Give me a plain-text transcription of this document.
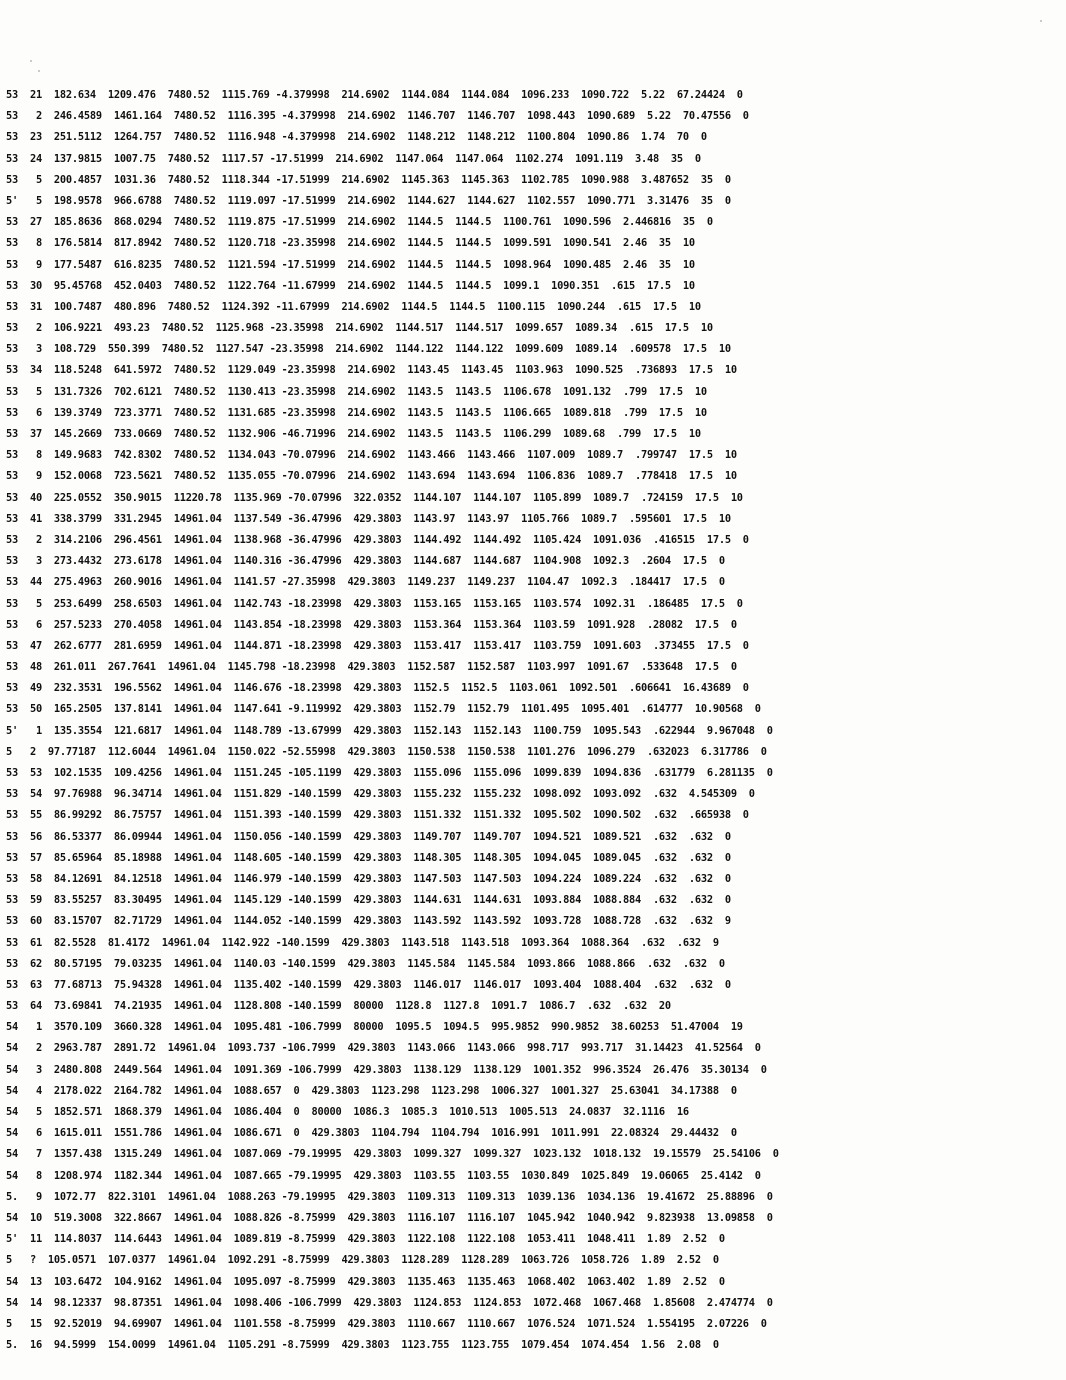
53  21  182.634  1209.476  7480.52  1115.769 -4.379998  214.6902  1144.084  1144.084  1096.233  1090.722  5.22  67.24424  0
53   2  246.4589  1461.164  7480.52  1116.395 -4.379998  214.6902  1146.707  1146.707  1098.443  1090.689  5.22  70.47556  0
53  23  251.5112  1264.757  7480.52  1116.948 -4.379998  214.6902  1148.212  1148.212  1100.804  1090.86  1.74  70  0
53  24  137.9815  1007.75  7480.52  1117.57 -17.51999  214.6902  1147.064  1147.064  1102.274  1091.119  3.48  35  0
53   5  200.4857  1031.36  7480.52  1118.344 -17.51999  214.6902  1145.363  1145.363  1102.785  1090.988  3.487652  35  0
5'   5  198.9578  966.6788  7480.52  1119.097 -17.51999  214.6902  1144.627  1144.627  1102.557  1090.771  3.31476  35  0
53  27  185.8636  868.0294  7480.52  1119.875 -17.51999  214.6902  1144.5  1144.5  1100.761  1090.596  2.446816  35  0
53   8  176.5814  817.8942  7480.52  1120.718 -23.35998  214.6902  1144.5  1144.5  1099.591  1090.541  2.46  35  10
53   9  177.5487  616.8235  7480.52  1121.594 -17.51999  214.6902  1144.5  1144.5  1098.964  1090.485  2.46  35  10
53  30  95.45768  452.0403  7480.52  1122.764 -11.67999  214.6902  1144.5  1144.5  1099.1  1090.351  .615  17.5  10
53  31  100.7487  480.896  7480.52  1124.392 -11.67999  214.6902  1144.5  1144.5  1100.115  1090.244  .615  17.5  10
53   2  106.9221  493.23  7480.52  1125.968 -23.35998  214.6902  1144.517  1144.517  1099.657  1089.34  .615  17.5  10
53   3  108.729  550.399  7480.52  1127.547 -23.35998  214.6902  1144.122  1144.122  1099.609  1089.14  .609578  17.5  10
53  34  118.5248  641.5972  7480.52  1129.049 -23.35998  214.6902  1143.45  1143.45  1103.963  1090.525  .736893  17.5  10
53   5  131.7326  702.6121  7480.52  1130.413 -23.35998  214.6902  1143.5  1143.5  1106.678  1091.132  .799  17.5  10
53   6  139.3749  723.3771  7480.52  1131.685 -23.35998  214.6902  1143.5  1143.5  1106.665  1089.818  .799  17.5  10
53  37  145.2669  733.0669  7480.52  1132.906 -46.71996  214.6902  1143.5  1143.5  1106.299  1089.68  .799  17.5  10
53   8  149.9683  742.8302  7480.52  1134.043 -70.07996  214.6902  1143.466  1143.466  1107.009  1089.7  .799747  17.5  10
53   9  152.0068  723.5621  7480.52  1135.055 -70.07996  214.6902  1143.694  1143.694  1106.836  1089.7  .778418  17.5  10
53  40  225.0552  350.9015  11220.78  1135.969 -70.07996  322.0352  1144.107  1144.107  1105.899  1089.7  .724159  17.5  10
53  41  338.3799  331.2945  14961.04  1137.549 -36.47996  429.3803  1143.97  1143.97  1105.766  1089.7  .595601  17.5  10
53   2  314.2106  296.4561  14961.04  1138.968 -36.47996  429.3803  1144.492  1144.492  1105.424  1091.036  .416515  17.5  0
53   3  273.4432  273.6178  14961.04  1140.316 -36.47996  429.3803  1144.687  1144.687  1104.908  1092.3  .2604  17.5  0
53  44  275.4963  260.9016  14961.04  1141.57 -27.35998  429.3803  1149.237  1149.237  1104.47  1092.3  .184417  17.5  0
53   5  253.6499  258.6503  14961.04  1142.743 -18.23998  429.3803  1153.165  1153.165  1103.574  1092.31  .186485  17.5  0
53   6  257.5233  270.4058  14961.04  1143.854 -18.23998  429.3803  1153.364  1153.364  1103.59  1091.928  .28082  17.5  0
53  47  262.6777  281.6959  14961.04  1144.871 -18.23998  429.3803  1153.417  1153.417  1103.759  1091.603  .373455  17.5  0
53  48  261.011  267.7641  14961.04  1145.798 -18.23998  429.3803  1152.587  1152.587  1103.997  1091.67  .533648  17.5  0
53  49  232.3531  196.5562  14961.04  1146.676 -18.23998  429.3803  1152.5  1152.5  1103.061  1092.501  .606641  16.43689  0
53  50  165.2505  137.8141  14961.04  1147.641 -9.119992  429.3803  1152.79  1152.79  1101.495  1095.401  .614777  10.90568  0
5'   1  135.3554  121.6817  14961.04  1148.789 -13.67999  429.3803  1152.143  1152.143  1100.759  1095.543  .622944  9.967048  0
5   2  97.77187  112.6044  14961.04  1150.022 -52.55998  429.3803  1150.538  1150.538  1101.276  1096.279  .632023  6.317786  0
53  53  102.1535  109.4256  14961.04  1151.245 -105.1199  429.3803  1155.096  1155.096  1099.839  1094.836  .631779  6.281135  0
53  54  97.76988  96.34714  14961.04  1151.829 -140.1599  429.3803  1155.232  1155.232  1098.092  1093.092  .632  4.545309  0
53  55  86.99292  86.75757  14961.04  1151.393 -140.1599  429.3803  1151.332  1151.332  1095.502  1090.502  .632  .665938  0
53  56  86.53377  86.09944  14961.04  1150.056 -140.1599  429.3803  1149.707  1149.707  1094.521  1089.521  .632  .632  0
53  57  85.65964  85.18988  14961.04  1148.605 -140.1599  429.3803  1148.305  1148.305  1094.045  1089.045  .632  .632  0
53  58  84.12691  84.12518  14961.04  1146.979 -140.1599  429.3803  1147.503  1147.503  1094.224  1089.224  .632  .632  0
53  59  83.55257  83.30495  14961.04  1145.129 -140.1599  429.3803  1144.631  1144.631  1093.884  1088.884  .632  .632  0
53  60  83.15707  82.71729  14961.04  1144.052 -140.1599  429.3803  1143.592  1143.592  1093.728  1088.728  .632  .632  9
53  61  82.5528  81.4172  14961.04  1142.922 -140.1599  429.3803  1143.518  1143.518  1093.364  1088.364  .632  .632  9
53  62  80.57195  79.03235  14961.04  1140.03 -140.1599  429.3803  1145.584  1145.584  1093.866  1088.866  .632  .632  0
53  63  77.68713  75.94328  14961.04  1135.402 -140.1599  429.3803  1146.017  1146.017  1093.404  1088.404  .632  .632  0
53  64  73.69841  74.21935  14961.04  1128.808 -140.1599  80000  1128.8  1127.8  1091.7  1086.7  .632  .632  20
54   1  3570.109  3660.328  14961.04  1095.481 -106.7999  80000  1095.5  1094.5  995.9852  990.9852  38.60253  51.47004  19
54   2  2963.787  2891.72  14961.04  1093.737 -106.7999  429.3803  1143.066  1143.066  998.717  993.717  31.14423  41.52564  0
54   3  2480.808  2449.564  14961.04  1091.369 -106.7999  429.3803  1138.129  1138.129  1001.352  996.3524  26.476  35.30134  0
54   4  2178.022  2164.782  14961.04  1088.657  0  429.3803  1123.298  1123.298  1006.327  1001.327  25.63041  34.17388  0
54   5  1852.571  1868.379  14961.04  1086.404  0  80000  1086.3  1085.3  1010.513  1005.513  24.0837  32.1116  16
54   6  1615.011  1551.786  14961.04  1086.671  0  429.3803  1104.794  1104.794  1016.991  1011.991  22.08324  29.44432  0
54   7  1357.438  1315.249  14961.04  1087.069 -79.19995  429.3803  1099.327  1099.327  1023.132  1018.132  19.15579  25.54106  0
54   8  1208.974  1182.344  14961.04  1087.665 -79.19995  429.3803  1103.55  1103.55  1030.849  1025.849  19.06065  25.4142  0
5.   9  1072.77  822.3101  14961.04  1088.263 -79.19995  429.3803  1109.313  1109.313  1039.136  1034.136  19.41672  25.88896  0
54  10  519.3008  322.8667  14961.04  1088.826 -8.75999  429.3803  1116.107  1116.107  1045.942  1040.942  9.823938  13.09858  0
5'  11  114.8037  114.6443  14961.04  1089.819 -8.75999  429.3803  1122.108  1122.108  1053.411  1048.411  1.89  2.52  0
5   ?  105.0571  107.0377  14961.04  1092.291 -8.75999  429.3803  1128.289  1128.289  1063.726  1058.726  1.89  2.52  0
54  13  103.6472  104.9162  14961.04  1095.097 -8.75999  429.3803  1135.463  1135.463  1068.402  1063.402  1.89  2.52  0
54  14  98.12337  98.87351  14961.04  1098.406 -106.7999  429.3803  1124.853  1124.853  1072.468  1067.468  1.85608  2.474774  0
5   15  92.52019  94.69907  14961.04  1101.558 -8.75999  429.3803  1110.667  1110.667  1076.524  1071.524  1.554195  2.07226  0
5.  16  94.5999  154.0099  14961.04  1105.291 -8.75999  429.3803  1123.755  1123.755  1079.454  1074.454  1.56  2.08  0
